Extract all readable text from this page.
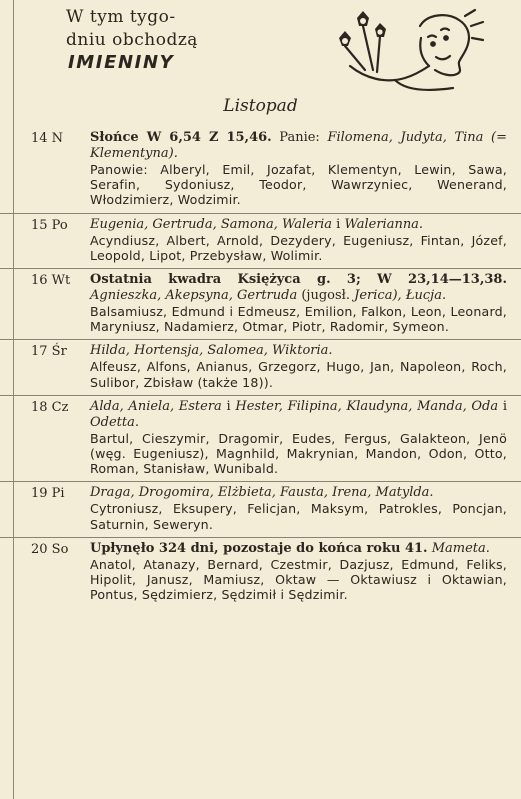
W tym tygo-
dniu obchodzą
IMIENINY
Listopad
14 N Słońce W 6,54 Z 15,46. Panie: Filomena, Judyta, Tina (= Klementyna).
Panowie: Alberyl, Emil, Jozafat, Klementyn, Lewin, Sawa, Serafin, Sydoniusz, Teodor, Wawrzyniec, Wenerand, Włodzimierz, Wodzimir.
15 Po Eugenia, Gertruda, Samona, Waleria i Walerianna.
Acyndiusz, Albert, Arnold, Dezydery, Eugeniusz, Fintan, Józef, Leopold, Lipot, Przebysław, Wolimir.
16 Wt Ostatnia kwadra Księżyca g. 3; W 23,14—13,38. Agnieszka, Akepsyna, Gertruda (jugosł. Jerica), Łucja.
Balsamiusz, Edmund i Edmeusz, Emilion, Falkon, Leon, Leonard, Maryniusz, Nadamierz, Otmar, Piotr, Radomir, Symeon.
17 Śr Hilda, Hortensja, Salomea, Wiktoria.
Alfeusz, Alfons, Anianus, Grzegorz, Hugo, Jan, Napoleon, Roch, Sulibor, Zbisław (także 18)).
18 Cz Alda, Aniela, Estera i Hester, Filipina, Klaudyna, Manda, Oda i Odetta.
Bartul, Cieszymir, Dragomir, Eudes, Fergus, Galakteon, Jenö (węg. Eugeniusz), Magnhild, Makrynian, Mandon, Odon, Otto, Roman, Stanisław, Wunibald.
19 Pi Draga, Drogomira, Elżbieta, Fausta, Irena, Matylda.
Cytroniusz, Eksupery, Felicjan, Maksym, Patrokles, Poncjan, Saturnin, Seweryn.
20 So Upłynęło 324 dni, pozostaje do końca roku 41. Mameta.
Anatol, Atanazy, Bernard, Czestmir, Dazjusz, Edmund, Feliks, Hipolit, Janusz, Mamiusz, Oktaw — Oktawiusz i Oktawian, Pontus, Sędzimierz, Sędzimił i Sędzimir.
